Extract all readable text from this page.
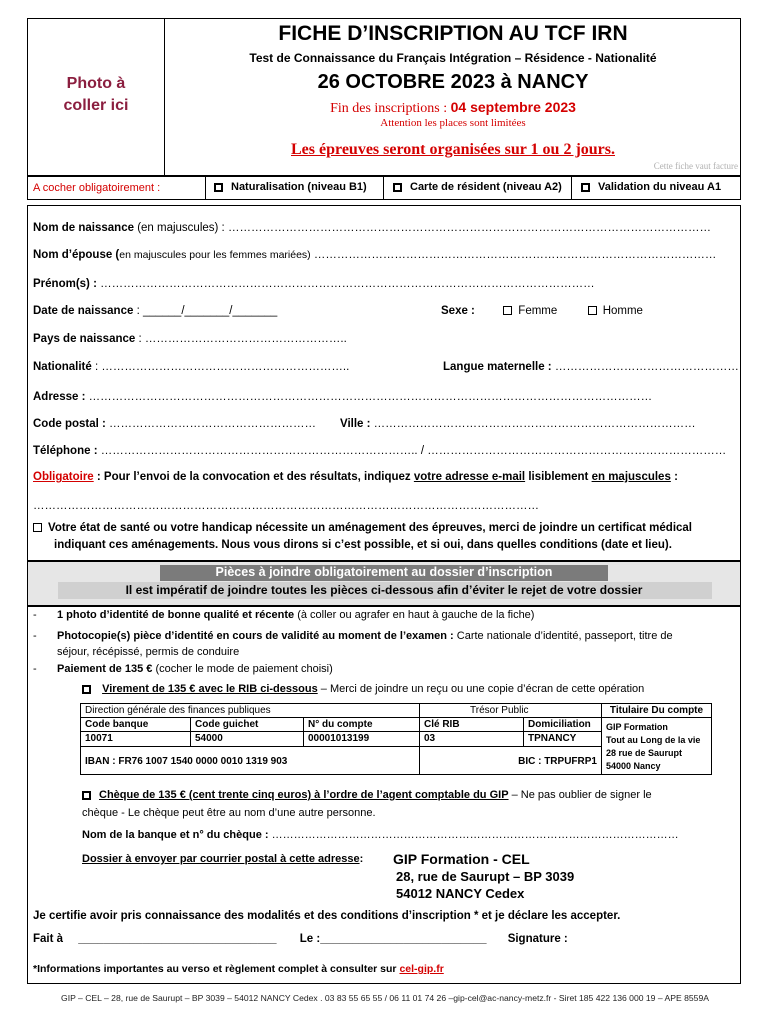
Photo à
coller ici
FICHE D’INSCRIPTION AU TCF IRN
Test de Connaissance du Français Intégration – Résidence - Nationalité
26 OCTOBRE 2023 à NANCY
Fin des inscriptions : 04 septembre 2023
Attention les places sont limitées
Les épreuves seront organisées sur 1 ou 2 jours.
Cette fiche vaut facture
A cocher obligatoirement :	Naturalisation (niveau B1)	Carte de résident (niveau A2)	Validation du niveau A1
Nom de naissance (en majuscules) : ………………………………………………………………………………………………………………
Nom d’épouse (en majuscules pour les femmes mariées) ……………………………………………………………………………………………
Prénom(s) : …………………………………………………………………………………………………………………
Date de naissance : ______/_______/_______	Sexe :	Femme	Homme
Pays de naissance : ……………………………………………..
Nationalité : ………………………………………………………..	Langue maternelle : …………………………………………
Adresse : …………………………………………………………………………………………………………………………………
Code postal : ……………………………………………… Ville : …………………………………………………………………………
Téléphone : ……………………………………………………………………….. / ……………………………………………………………………
Obligatoire : Pour l’envoi de la convocation et des résultats, indiquez votre adresse e-mail lisiblement en majuscules :
……………………………………………………………………………………………………………………
Votre état de santé ou votre handicap nécessite un aménagement des épreuves, merci de joindre un certificat médical
indiquant ces aménagements. Nous vous dirons si c’est possible, et si oui, dans quelles conditions (date et lieu).
Pièces à joindre obligatoirement au dossier d’inscription
Il est impératif de joindre toutes les pièces ci-dessous afin d’éviter le rejet de votre dossier
- 1 photo d’identité de bonne qualité et récente (à coller ou agrafer en haut à gauche de la fiche)
- Photocopie(s) pièce d’identité en cours de validité au moment de l’examen : Carte nationale d’identité, passeport, titre de
séjour, récépissé, permis de conduire
- Paiement de 135 € (cocher le mode de paiement choisi)
Virement de 135 € avec le RIB ci-dessous – Merci de joindre un reçu ou une copie d’écran de cette opération
Direction générale des finances publiques			Trésor Public		Titulaire Du compte
Code banque	Code guichet	N° du compte	Clé RIB	Domiciliation	GIP Formation
Tout au Long de la vie
28 rue de Saurupt
54000 Nancy

10071	54000	00001013199	03	TPNANCY	
IBAN : FR76 1007 1540 0000 0010 1319 903			BIC : TRPUFRP1		
Chèque de 135 € (cent trente cinq euros) à l’ordre de l’agent comptable du GIP – Ne pas oublier de signer le
chèque - Le chèque peut être au nom d’une autre personne.
Nom de la banque et n° du chèque : …………………………………………………………………………………………………
Dossier à envoyer par courrier postal à cette adresse: GIP Formation - CEL
28, rue de Saurupt – BP 3039
54012 NANCY Cedex
Je certifie avoir pris connaissance des modalités et des conditions d’inscription * et je déclare les accepter.
Fait à _______________________________ Le :__________________________ Signature :
*Informations importantes au verso et règlement complet à consulter sur cel-gip.fr
GIP – CEL – 28, rue de Saurupt – BP 3039 – 54012 NANCY Cedex . 03 83 55 65 55 / 06 11 01 74 26 –gip-cel@ac-nancy-metz.fr - Siret 185 422 136 000 19 – APE 8559A
